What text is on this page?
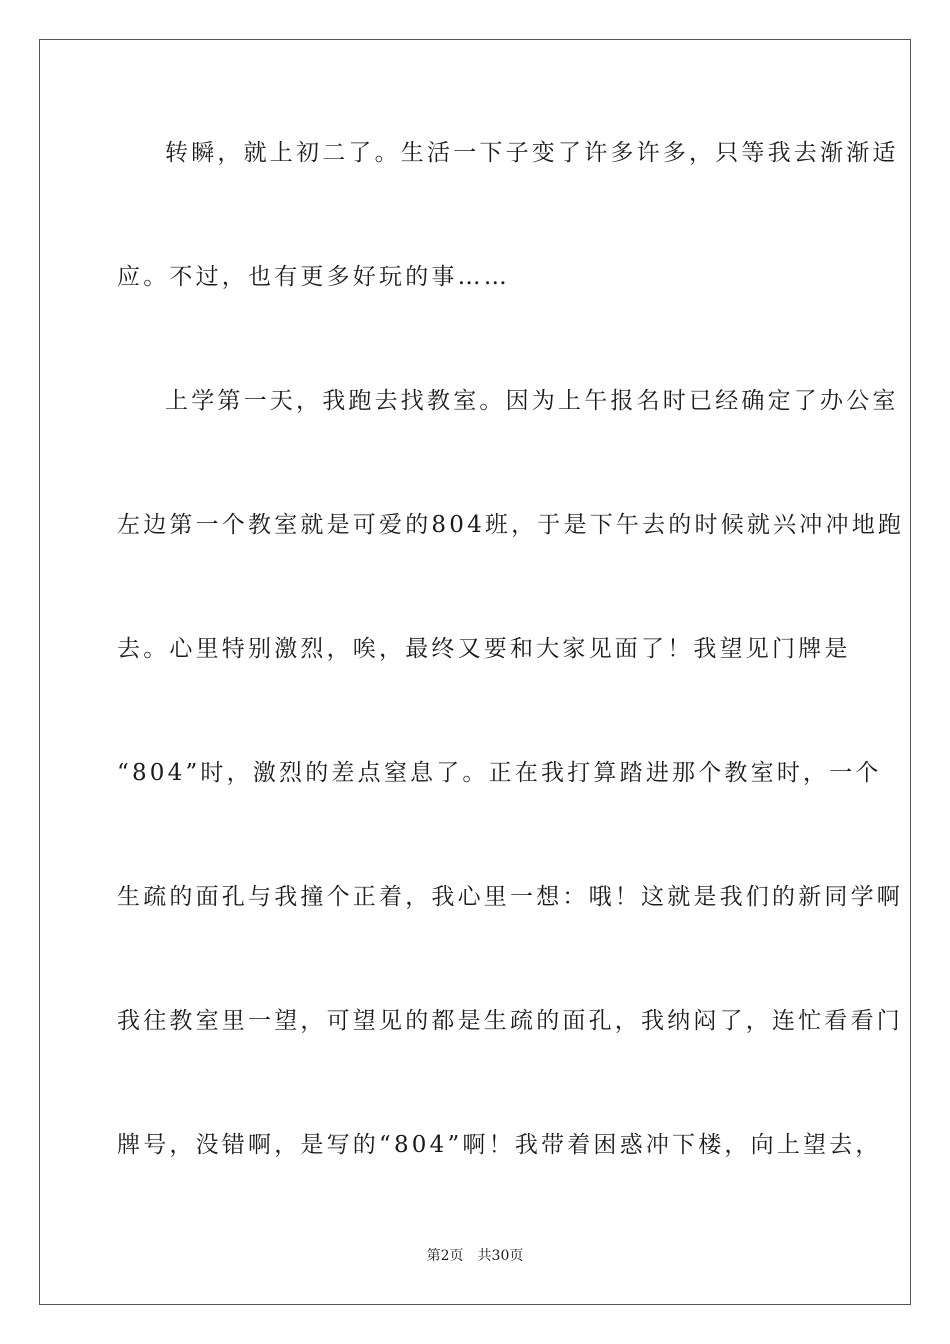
转瞬，就上初二了。生活一下子变了许多许多，只等我去渐渐适
应。不过，也有更多好玩的事……
上学第一天，我跑去找教室。因为上午报名时已经确定了办公室
左边第一个教室就是可爱的804班，于是下午去的时候就兴冲冲地跑
去。心里特别激烈，唉，最终又要和大家见面了！我望见门牌是
“804”时，激烈的差点窒息了。正在我打算踏进那个教室时，一个
生疏的面孔与我撞个正着，我心里一想：哦！这就是我们的新同学啊
我往教室里一望，可望见的都是生疏的面孔，我纳闷了，连忙看看门
牌号，没错啊，是写的“804”啊！我带着困惑冲下楼，向上望去，
第2页 共30页
